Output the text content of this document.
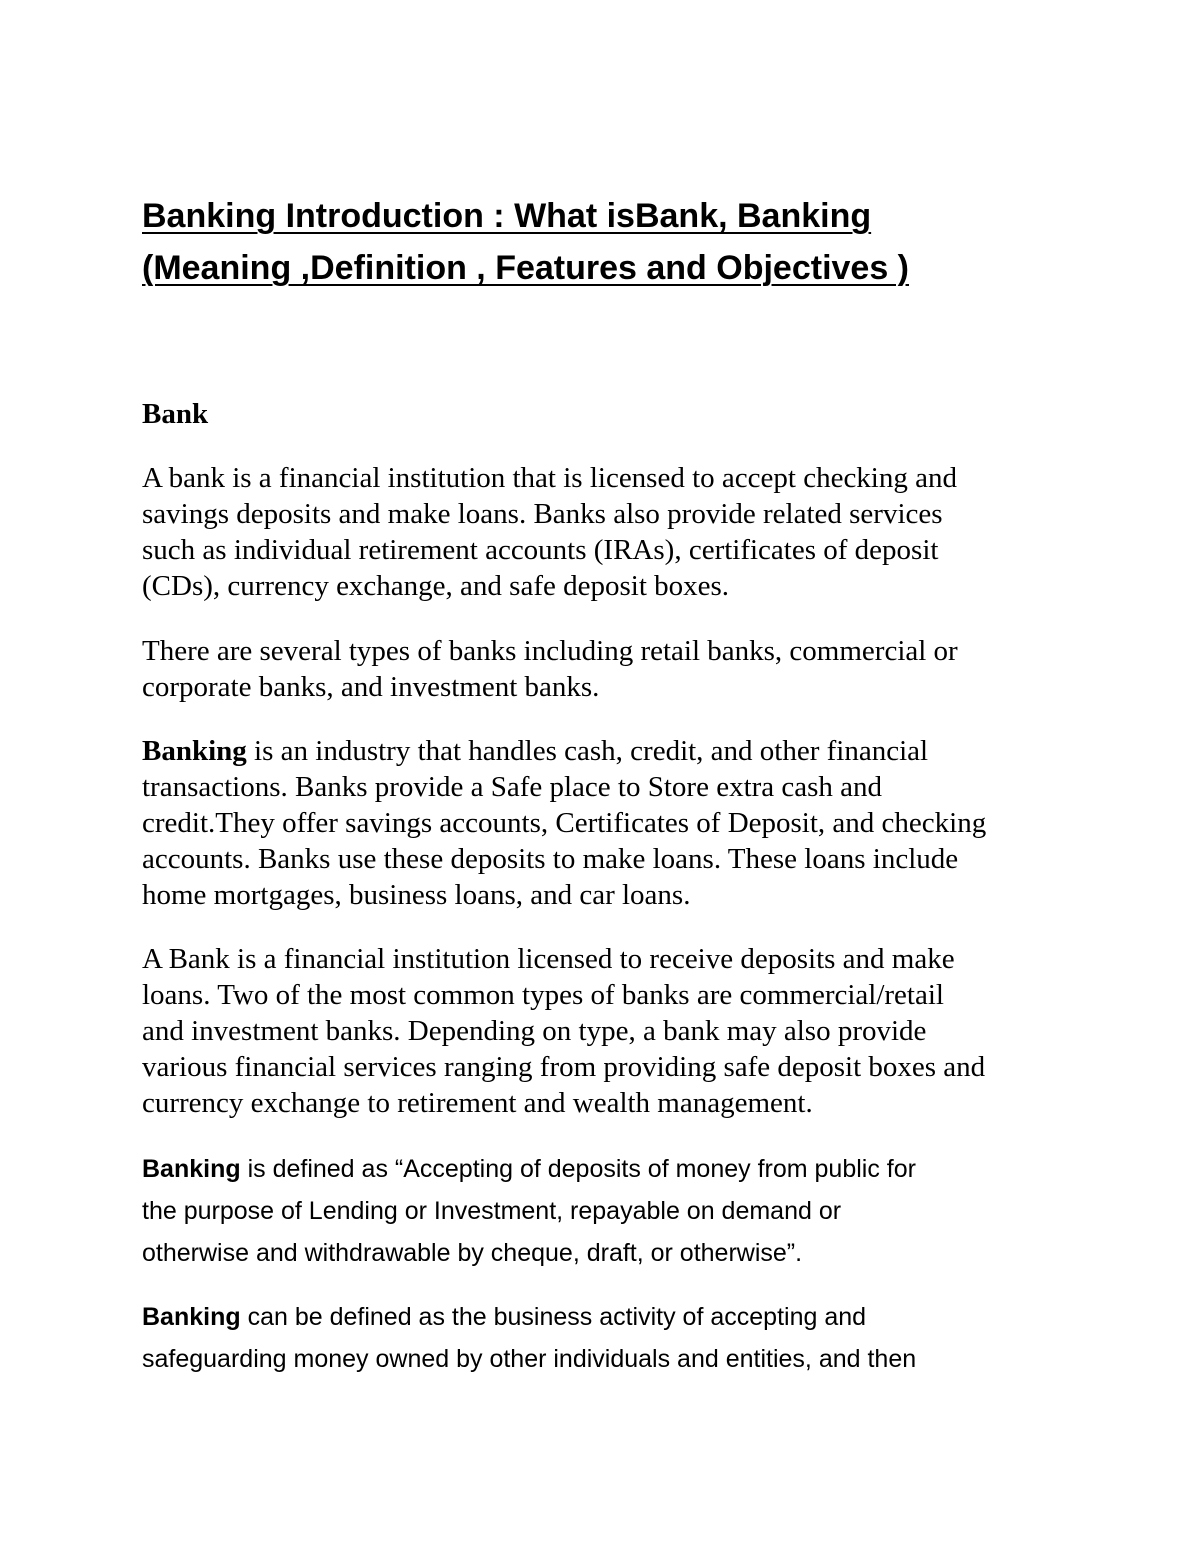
Banking Introduction : What isBank, Banking
(Meaning ,Definition , Features and Objectives )
Bank

A bank is a financial institution that is licensed to accept checking and
savings deposits and make loans. Banks also provide related services
such as individual retirement accounts (IRAs), certificates of deposit
(CDs), currency exchange, and safe deposit boxes.

There are several types of banks including retail banks, commercial or
corporate banks, and investment banks.

Banking is an industry that handles cash, credit, and other financial
transactions. Banks provide a Safe place to Store extra cash and
credit.They offer savings accounts, Certificates of Deposit, and checking
accounts. Banks use these deposits to make loans. These loans include
home mortgages, business loans, and car loans.

A Bank is a financial institution licensed to receive deposits and make
loans. Two of the most common types of banks are commercial/retail
and investment banks. Depending on type, a bank may also provide
various financial services ranging from providing safe deposit boxes and
currency exchange to retirement and wealth management.

Banking is defined as “Accepting of deposits of money from public for
the purpose of Lending or Investment, repayable on demand or
otherwise and withdrawable by cheque, draft, or otherwise”.

Banking can be defined as the business activity of accepting and
safeguarding money owned by other individuals and entities, and then
